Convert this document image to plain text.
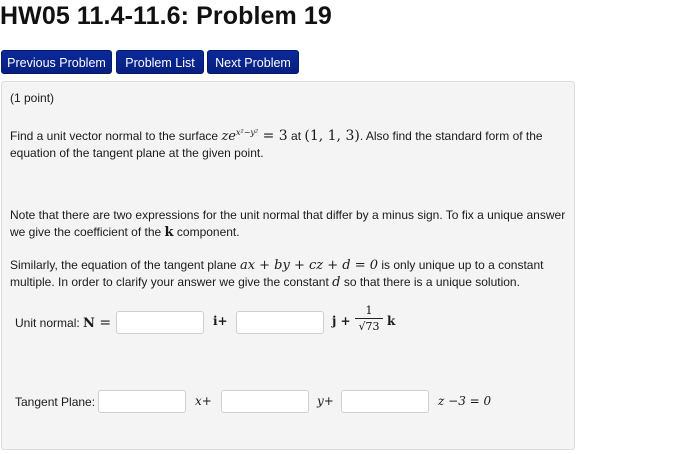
HW05 11.4-11.6: Problem 19
Previous Problem	Problem List	Next Problem
(1 point)
Find a unit vector normal to the surface $ze^{x^2-y^2} = 3$ at (1, 1, 3). Also find the standard form of the
equation of the tangent plane at the given point.
Note that there are two expressions for the unit normal that differ by a minus sign. To fix a unique answer
we give the coefficient of the k component.
Similarly, the equation of the tangent plane ax + by + cz + d = 0 is only unique up to a constant
multiple. In order to clarify your answer we give the constant d so that there is a unique solution.
Unit normal: N =	i+	$j + \frac{1}{√73}$ k
Tangent Plane:	x+	y+	z −3 = 0
